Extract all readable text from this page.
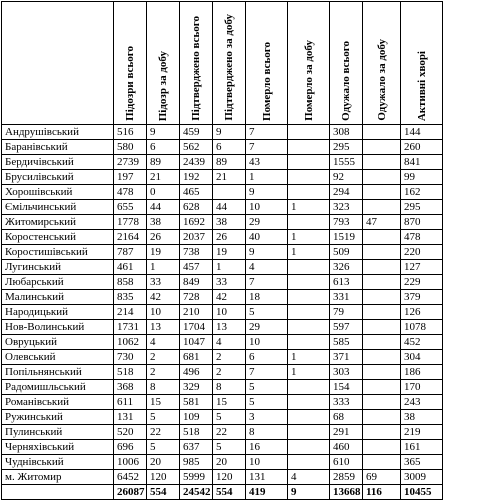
	Підозри всього	Підозр за добу	Підтверджено всього	Підтверджено за добу	Померло всього	Померло за добу	Одужало всього	Одужало за добу	Активні хворі

Андрушівський	516	9	459	9	7		308		144
Баранівський	580	6	562	6	7		295		260
Бердичівський	2739	89	2439	89	43		1555		841
Брусилівський	197	21	192	21	1		92		99
Хорошівський	478	0	465		9		294		162
Ємільчинський	655	44	628	44	10	1	323		295
Житомирський	1778	38	1692	38	29		793	47	870
Коростенський	2164	26	2037	26	40	1	1519		478
Коростишівський	787	19	738	19	9	1	509		220
Лугинський	461	1	457	1	4		326		127
Любарський	858	33	849	33	7		613		229
Малинський	835	42	728	42	18		331		379
Народицький	214	10	210	10	5		79		126
Нов-Волинський	1731	13	1704	13	29		597		1078
Овруцький	1062	4	1047	4	10		585		452
Олевський	730	2	681	2	6	1	371		304
Попільнянський	518	2	496	2	7	1	303		186
Радомишльський	368	8	329	8	5		154		170
Романівський	611	15	581	15	5		333		243
Ружинський	131	5	109	5	3		68		38
Пулинський	520	22	518	22	8		291		219
Черняхівський	696	5	637	5	16		460		161
Чуднівський	1006	20	985	20	10		610		365
м. Житомир	6452	120	5999	120	131	4	2859	69	3009
	26087	554	24542	554	419	9	13668	116	10455
